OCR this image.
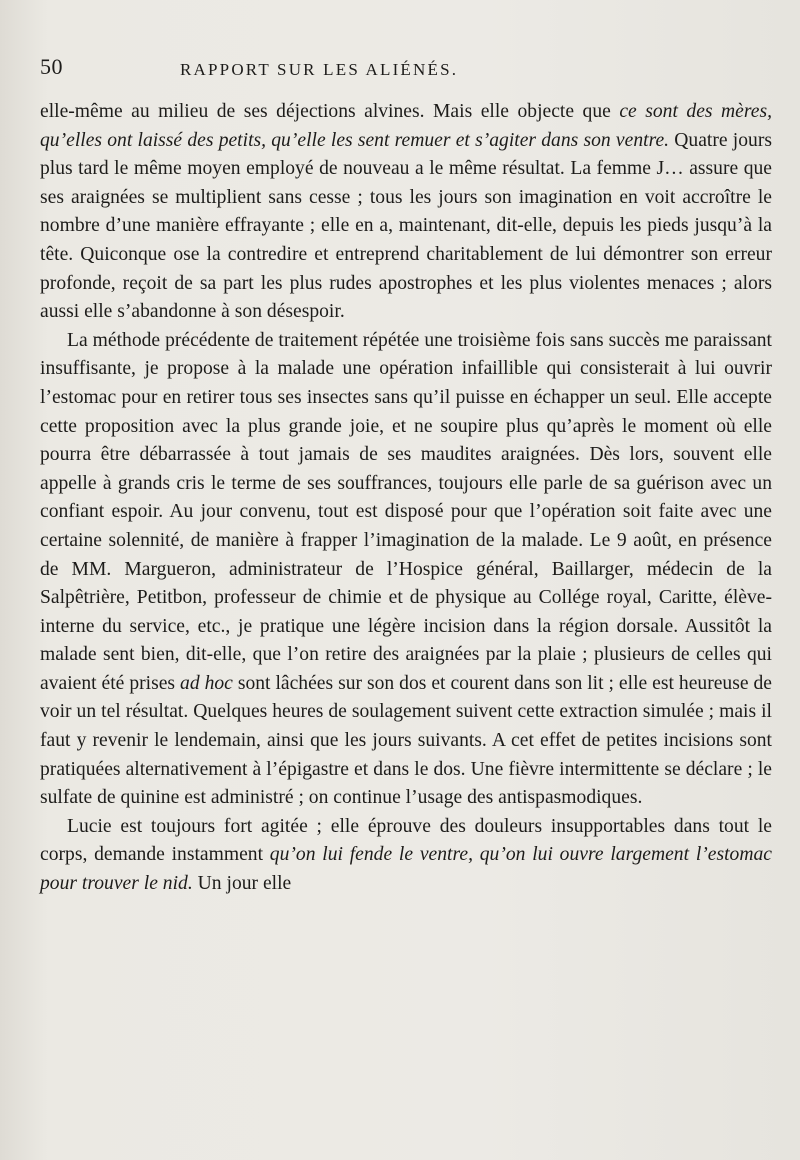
50	RAPPORT SUR LES ALIÉNÉS.

elle-même au milieu de ses déjections alvines. Mais elle objecte que ce sont des mères, qu’elles ont laissé des petits, qu’elle les sent remuer et s’agiter dans son ventre. Quatre jours plus tard le même moyen employé de nouveau a le même résultat. La femme J… assure que ses araignées se multiplient sans cesse ; tous les jours son imagination en voit accroître le nombre d’une manière effrayante ; elle en a, maintenant, dit-elle, depuis les pieds jusqu’à la tête. Quiconque ose la contredire et entreprend charitablement de lui démontrer son erreur profonde, reçoit de sa part les plus rudes apostrophes et les plus violentes menaces ; alors aussi elle s’abandonne à son désespoir.

La méthode précédente de traitement répétée une troisième fois sans succès me paraissant insuffisante, je propose à la malade une opération infaillible qui consisterait à lui ouvrir l’estomac pour en retirer tous ses insectes sans qu’il puisse en échapper un seul. Elle accepte cette proposition avec la plus grande joie, et ne soupire plus qu’après le moment où elle pourra être débarrassée à tout jamais de ses maudites araignées. Dès lors, souvent elle appelle à grands cris le terme de ses souffrances, toujours elle parle de sa guérison avec un confiant espoir. Au jour convenu, tout est disposé pour que l’opération soit faite avec une certaine solennité, de manière à frapper l’imagination de la malade. Le 9 août, en présence de MM. Margueron, administrateur de l’Hospice général, Baillarger, médecin de la Salpêtrière, Petitbon, professeur de chimie et de physique au Collége royal, Caritte, élève-interne du service, etc., je pratique une légère incision dans la région dorsale. Aussitôt la malade sent bien, dit-elle, que l’on retire des araignées par la plaie ; plusieurs de celles qui avaient été prises ad hoc sont lâchées sur son dos et courent dans son lit ; elle est heureuse de voir un tel résultat. Quelques heures de soulagement suivent cette extraction simulée ; mais il faut y revenir le lendemain, ainsi que les jours suivants. A cet effet de petites incisions sont pratiquées alternativement à l’épigastre et dans le dos. Une fièvre intermittente se déclare ; le sulfate de quinine est administré ; on continue l’usage des antispasmodiques.

Lucie est toujours fort agitée ; elle éprouve des douleurs insupportables dans tout le corps, demande instamment qu’on lui fende le ventre, qu’on lui ouvre largement l’estomac pour trouver le nid. Un jour elle
